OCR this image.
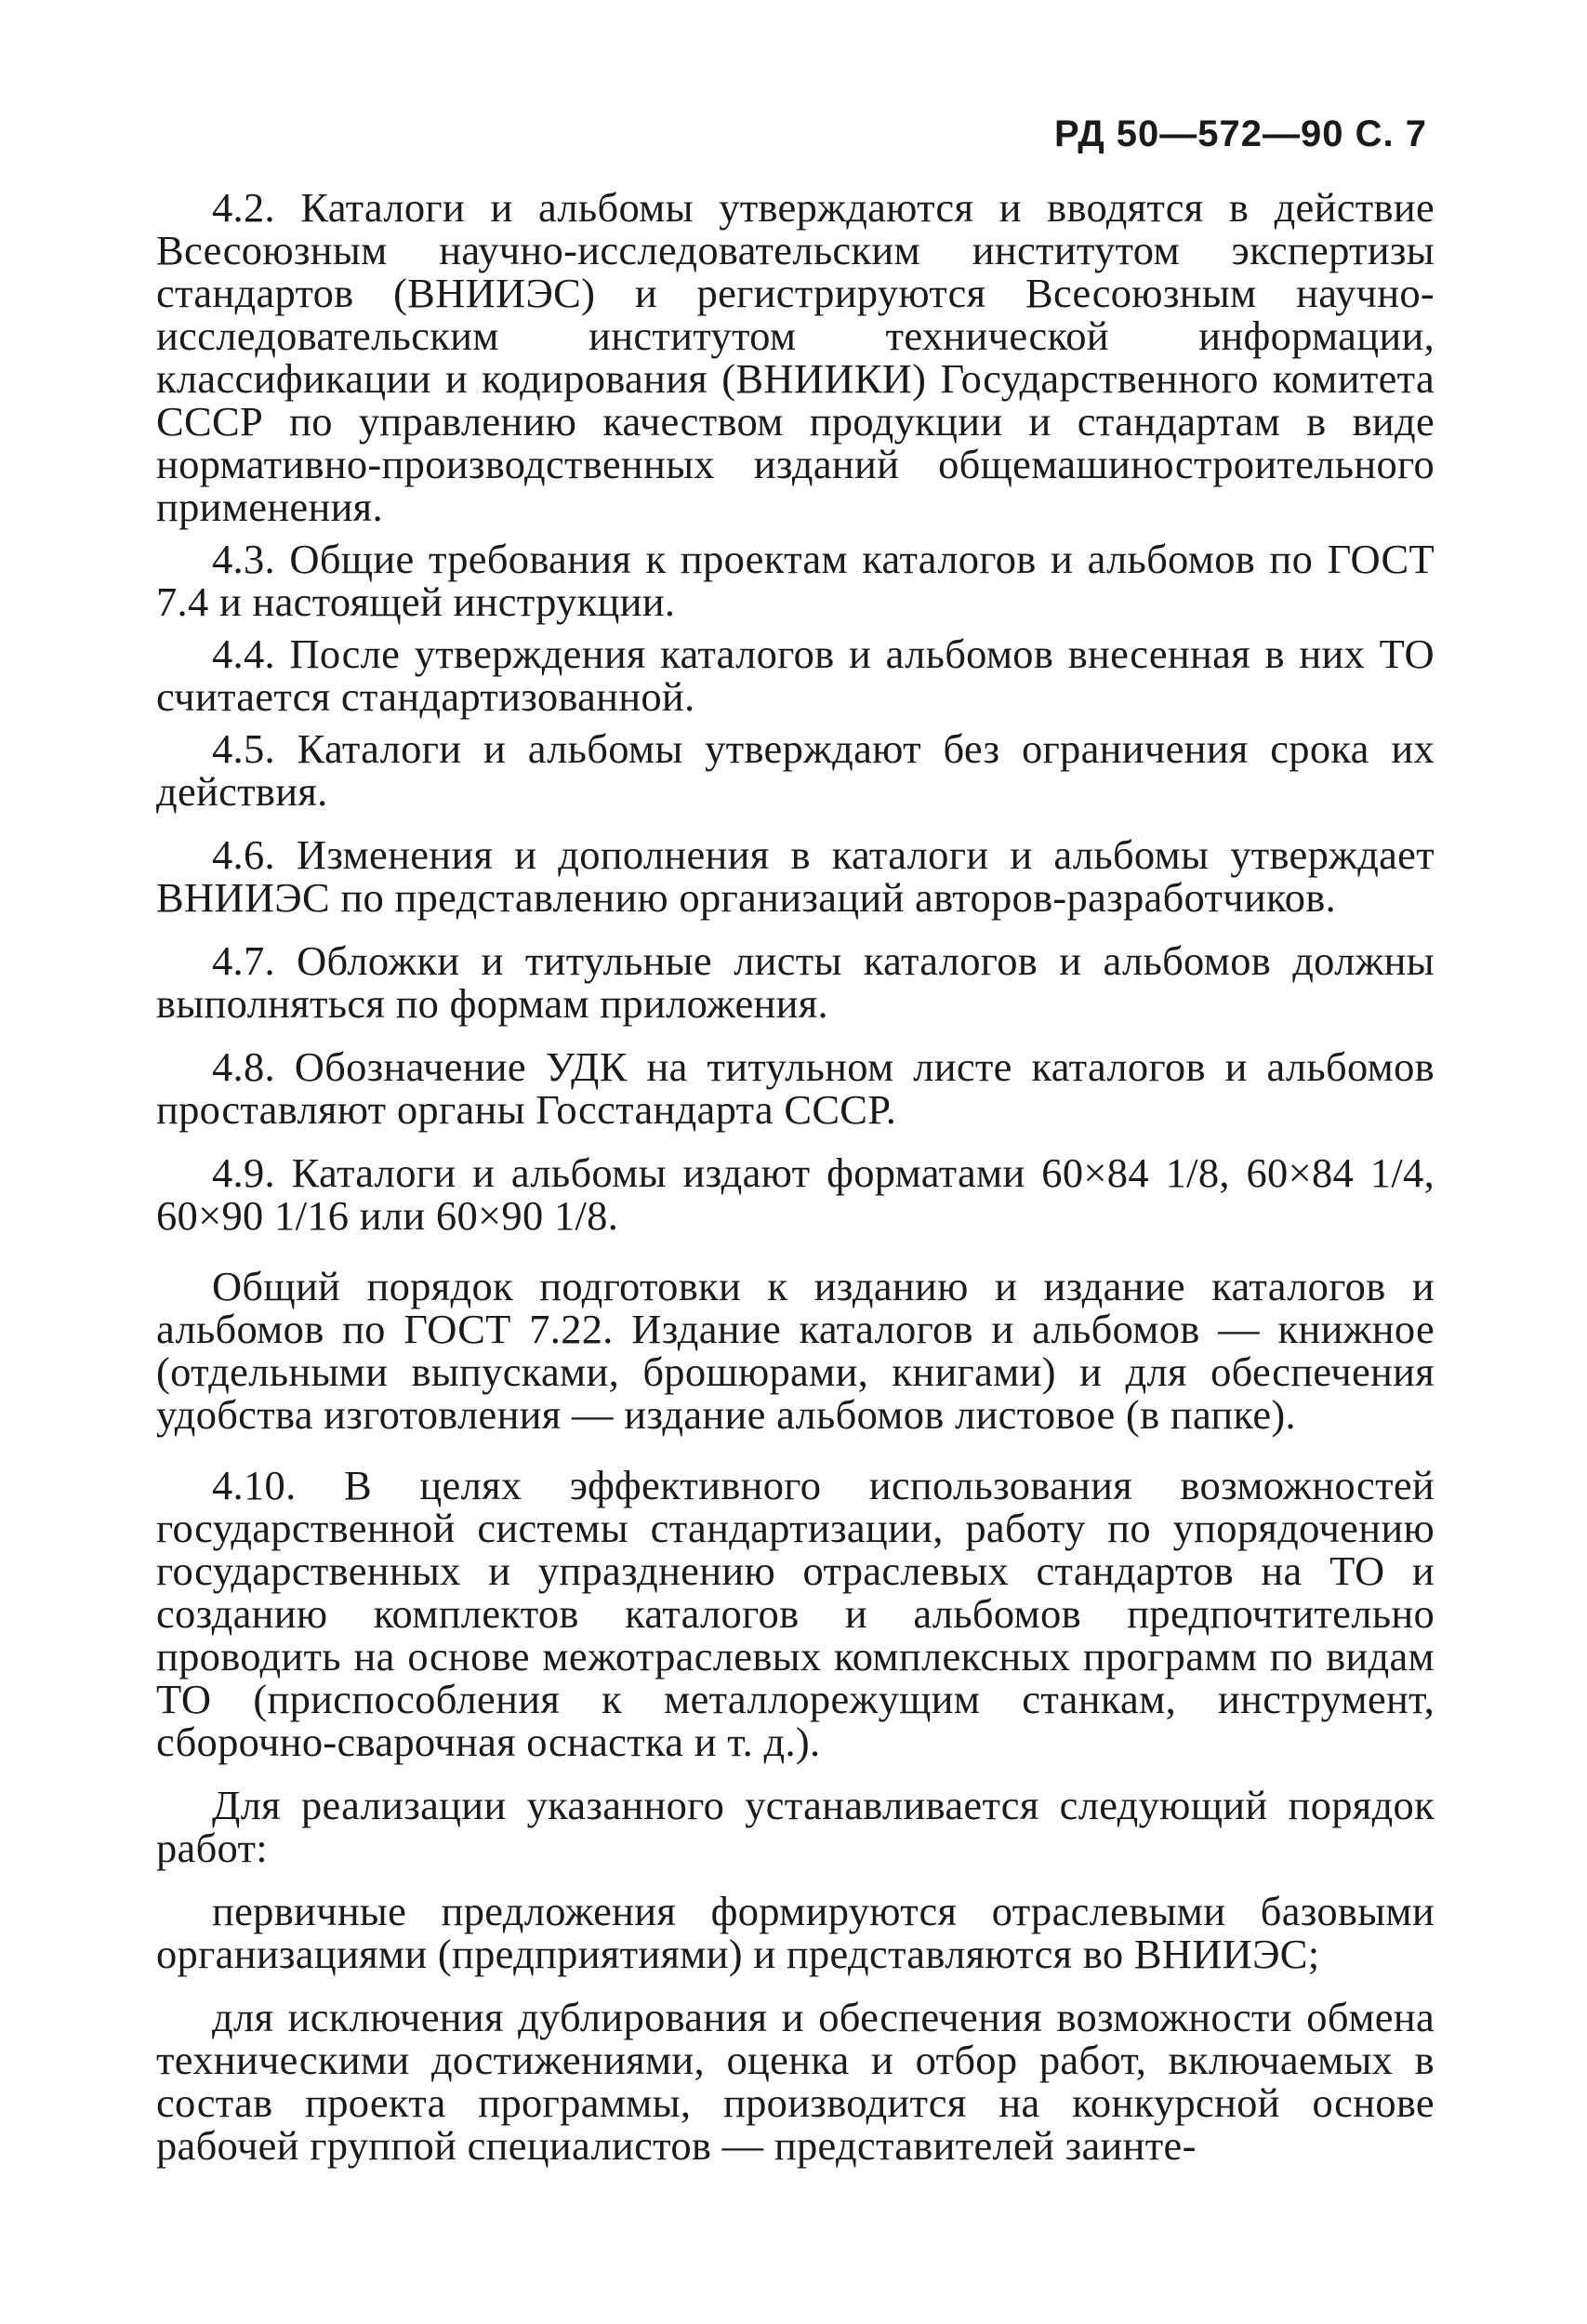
РД 50—572—90 С. 7

4.2. Каталоги и альбомы утверждаются и вводятся в действие Всесоюзным научно-исследовательским институтом экспертизы стандартов (ВНИИЭС) и регистрируются Всесоюзным научно-исследовательским институтом технической информации, классификации и кодирования (ВНИИКИ) Государственного комитета СССР по управлению качеством продукции и стандартам в виде нормативно-производственных изданий общемашиностроительного применения.

4.3. Общие требования к проектам каталогов и альбомов по ГОСТ 7.4 и настоящей инструкции.

4.4. После утверждения каталогов и альбомов внесенная в них ТО считается стандартизованной.

4.5. Каталоги и альбомы утверждают без ограничения срока их действия.

4.6. Изменения и дополнения в каталоги и альбомы утверждает ВНИИЭС по представлению организаций авторов-разработчиков.

4.7. Обложки и титульные листы каталогов и альбомов должны выполняться по формам приложения.

4.8. Обозначение УДК на титульном листе каталогов и альбомов проставляют органы Госстандарта СССР.

4.9. Каталоги и альбомы издают форматами 60×84 1/8, 60×84 1/4, 60×90 1/16 или 60×90 1/8.

Общий порядок подготовки к изданию и издание каталогов и альбомов по ГОСТ 7.22. Издание каталогов и альбомов — книжное (отдельными выпусками, брошюрами, книгами) и для обеспечения удобства изготовления — издание альбомов листовое (в папке).

4.10. В целях эффективного использования возможностей государственной системы стандартизации, работу по упорядочению государственных и упразднению отраслевых стандартов на ТО и созданию комплектов каталогов и альбомов предпочтительно проводить на основе межотраслевых комплексных программ по видам ТО (приспособления к металлорежущим станкам, инструмент, сборочно-сварочная оснастка и т. д.).

Для реализации указанного устанавливается следующий порядок работ:

первичные предложения формируются отраслевыми базовыми организациями (предприятиями) и представляются во ВНИИЭС;

для исключения дублирования и обеспечения возможности обмена техническими достижениями, оценка и отбор работ, включаемых в состав проекта программы, производится на конкурсной основе рабочей группой специалистов — представителей заинте-
